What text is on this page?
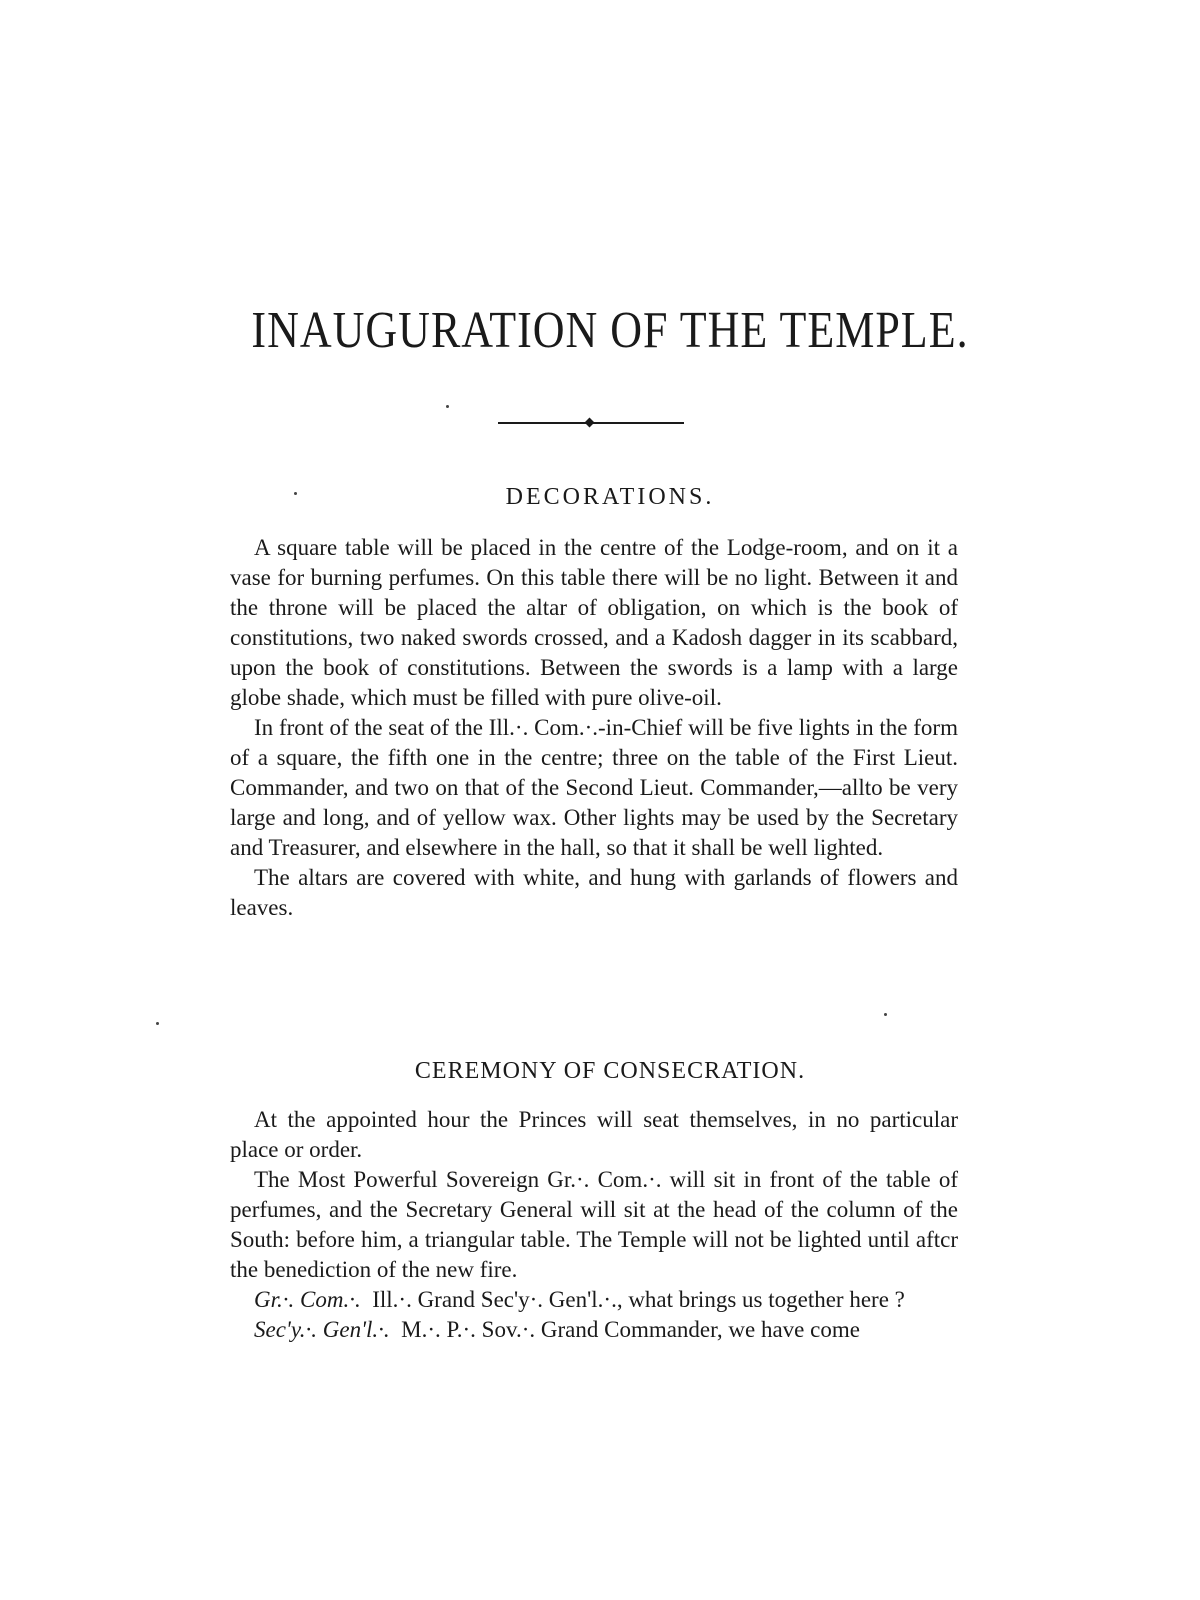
INAUGURATION OF THE TEMPLE.
DECORATIONS.

A square table will be placed in the centre of the Lodge-room, and on it a vase for burning perfumes. On this table there will be no light. Between it and the throne will be placed the altar of obligation, on which is the book of constitutions, two naked swords crossed, and a Kadosh dagger in its scabbard, upon the book of constitutions. Between the swords is a lamp with a large globe shade, which must be filled with pure olive-oil.

In front of the seat of the Ill.·. Com.·.-in-Chief will be five lights in the form of a square, the fifth one in the centre; three on the table of the First Lieut. Commander, and two on that of the Second Lieut. Commander,—allto be very large and long, and of yellow wax. Other lights may be used by the Secretary and Treasurer, and elsewhere in the hall, so that it shall be well lighted.

The altars are covered with white, and hung with garlands of flowers and leaves.

CEREMONY OF CONSECRATION.

At the appointed hour the Princes will seat themselves, in no particular place or order.

The Most Powerful Sovereign Gr.·. Com.·. will sit in front of the table of perfumes, and the Secretary General will sit at the head of the column of the South: before him, a triangular table. The Temple will not be lighted until aftcr the benediction of the new fire.

Gr.·. Com.·. Ill.·. Grand Sec'y·. Gen'l.·., what brings us together here ?

Sec'y.·. Gen'l.·. M.·. P.·. Sov.·. Grand Commander, we have come
